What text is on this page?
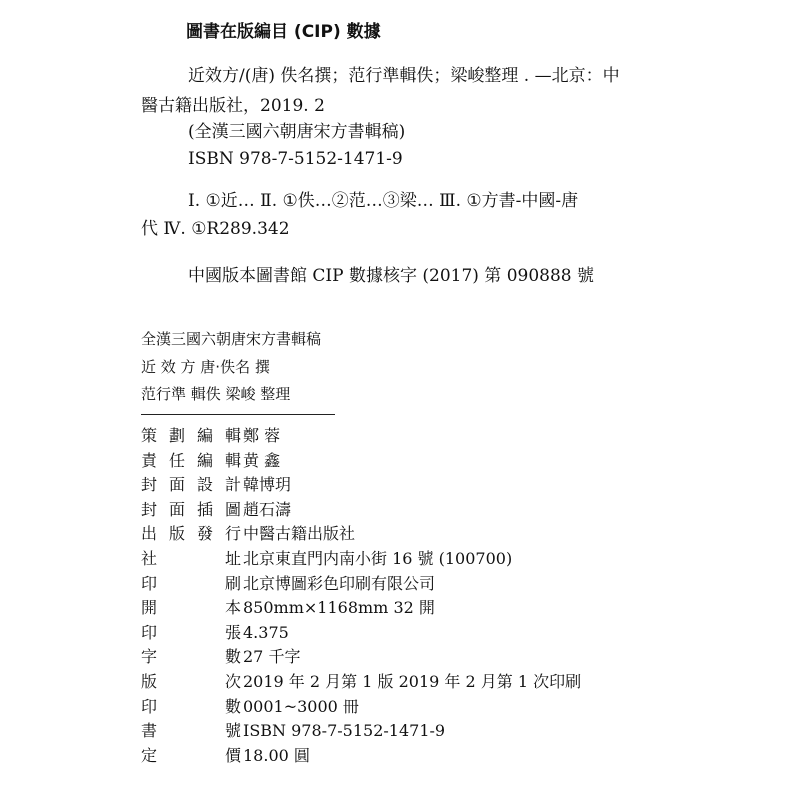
圖書在版編目 (CIP) 數據
近效方/(唐) 佚名撰；范行準輯佚；梁峻整理 . —北京：中
醫古籍出版社，2019. 2
(全漢三國六朝唐宋方書輯稿)
ISBN 978-7-5152-1471-9
Ⅰ. ①近… Ⅱ. ①佚…②范…③梁… Ⅲ. ①方書-中國-唐
代 Ⅳ. ①R289.342
中國版本圖書館 CIP 數據核字 (2017) 第 090888 號
全漢三國六朝唐宋方書輯稿
近 效 方 唐·佚名 撰
范行準 輯佚 梁峻 整理
策劃編輯 鄭 蓉
責任編輯 黄 鑫
封面設計 韓博玥
封面插圖 趙石濤
出版發行 中醫古籍出版社
社 址 北京東直門内南小街 16 號 (100700)
印 刷 北京博圖彩色印刷有限公司
開 本 850mm×1168mm 32 開
印 張 4.375
字 數 27 千字
版 次 2019 年 2 月第 1 版 2019 年 2 月第 1 次印刷
印 數 0001~3000 冊
書 號 ISBN 978-7-5152-1471-9
定 價 18.00 圓
